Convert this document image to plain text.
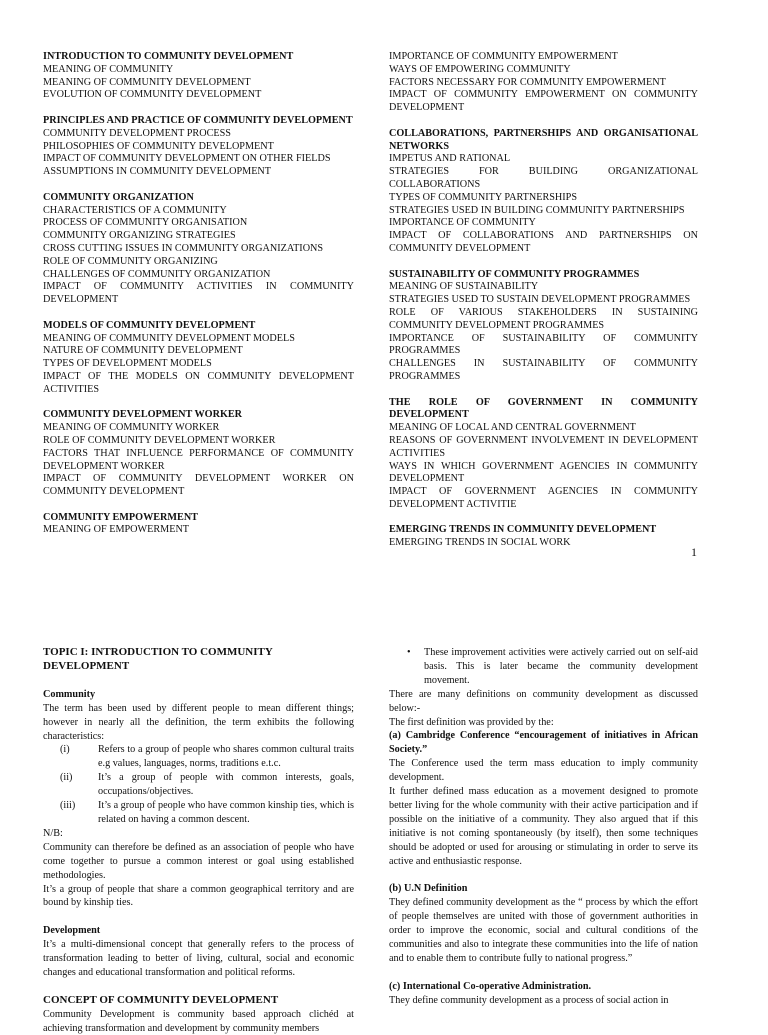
INTRODUCTION TO COMMUNITY DEVELOPMENT
MEANING OF COMMUNITY
MEANING OF COMMUNITY DEVELOPMENT
EVOLUTION OF COMMUNITY DEVELOPMENT
PRINCIPLES AND PRACTICE OF COMMUNITY DEVELOPMENT
COMMUNITY DEVELOPMENT PROCESS
PHILOSOPHIES OF COMMUNITY DEVELOPMENT
IMPACT OF COMMUNITY DEVELOPMENT ON OTHER FIELDS
ASSUMPTIONS IN COMMUNITY DEVELOPMENT
COMMUNITY ORGANIZATION
CHARACTERISTICS OF A COMMUNITY
PROCESS OF COMMUNITY ORGANISATION
COMMUNITY ORGANIZING STRATEGIES
CROSS CUTTING ISSUES IN COMMUNITY ORGANIZATIONS
ROLE OF COMMUNITY ORGANIZING
CHALLENGES OF COMMUNITY ORGANIZATION
IMPACT OF COMMUNITY ACTIVITIES IN COMMUNITY DEVELOPMENT
MODELS OF COMMUNITY DEVELOPMENT
MEANING OF COMMUNITY DEVELOPMENT MODELS
NATURE OF COMMUNITY DEVELOPMENT
TYPES OF DEVELOPMENT MODELS
IMPACT OF THE MODELS ON COMMUNITY DEVELOPMENT ACTIVITIES
COMMUNITY DEVELOPMENT WORKER
MEANING OF COMMUNITY WORKER
ROLE OF COMMUNITY DEVELOPMENT WORKER
FACTORS THAT INFLUENCE PERFORMANCE OF COMMUNITY DEVELOPMENT WORKER
IMPACT OF COMMUNITY DEVELOPMENT WORKER ON COMMUNITY DEVELOPMENT
COMMUNITY EMPOWERMENT
MEANING OF EMPOWERMENT
IMPORTANCE OF COMMUNITY EMPOWERMENT
WAYS OF EMPOWERING COMMUNITY
FACTORS NECESSARY FOR COMMUNITY EMPOWERMENT
IMPACT OF COMMUNITY EMPOWERMENT ON COMMUNITY DEVELOPMENT
COLLABORATIONS, PARTNERSHIPS AND ORGANISATIONAL NETWORKS
IMPETUS AND RATIONAL
STRATEGIES FOR BUILDING ORGANIZATIONAL COLLABORATIONS
TYPES OF COMMUNITY PARTNERSHIPS
STRATEGIES USED IN BUILDING COMMUNITY PARTNERSHIPS
IMPORTANCE OF COMMUNITY
IMPACT OF COLLABORATIONS AND PARTNERSHIPS ON COMMUNITY DEVELOPMENT
SUSTAINABILITY OF COMMUNITY PROGRAMMES
MEANING OF SUSTAINABILITY
STRATEGIES USED TO SUSTAIN DEVELOPMENT PROGRAMMES
ROLE OF VARIOUS STAKEHOLDERS IN SUSTAINING COMMUNITY DEVELOPMENT PROGRAMMES
IMPORTANCE OF SUSTAINABILITY OF COMMUNITY PROGRAMMES
CHALLENGES IN SUSTAINABILITY OF COMMUNITY PROGRAMMES
THE ROLE OF GOVERNMENT IN COMMUNITY DEVELOPMENT
MEANING OF LOCAL AND CENTRAL GOVERNMENT
REASONS OF GOVERNMENT INVOLVEMENT IN DEVELOPMENT ACTIVITIES
WAYS IN WHICH GOVERNMENT AGENCIES IN COMMUNITY DEVELOPMENT
IMPACT OF GOVERNMENT AGENCIES IN COMMUNITY DEVELOPMENT ACTIVITIE
EMERGING TRENDS IN COMMUNITY DEVELOPMENT
EMERGING TRENDS IN SOCIAL WORK
1

TOPIC I: INTRODUCTION TO COMMUNITY DEVELOPMENT

Community

The term has been used by different people to mean different things; however in nearly all the definition, the term exhibits the following characteristics:

(i)	Refers to a group of people who shares common cultural traits e.g values, languages, norms, traditions e.t.c.
(ii)	It’s a group of people with common interests, goals, occupations/objectives.
(iii)	It’s a group of people who have common kinship ties, which is related on having a common descent.

N/B:

Community can therefore be defined as an association of people who have come together to pursue a common interest or goal using established methodologies.

It’s a group of people that share a common geographical territory and are bound by kinship ties.

Development

It’s a multi-dimensional concept that generally refers to the process of transformation leading to better of living, cultural, social and economic changes and educational transformation and political reforms.

CONCEPT OF COMMUNITY DEVELOPMENT

Community Development is community based approach clichéd at achieving transformation and development by community members

•	These improvement activities were actively carried out on self-aid basis. This is later became the community development movement.

There are many definitions on community development as discussed below:-

The first definition was provided by the:

(a) Cambridge Conference “encouragement of initiatives in African Society.”

The Conference used the term mass education to imply community development.

It further defined mass education as a movement designed to promote better living for the whole community with their active participation and if possible on the initiative of a community. They also argued that if this initiative is not coming spontaneously (by itself), then some techniques should be adopted or used for arousing or stimulating in order to serve its active and enthusiastic response.

(b) U.N Definition

They defined community development as the “ process by which the effort of people themselves are united with those of government authorities in order to improve the economic, social and cultural conditions of the communities and also to integrate these communities into the life of nation and to enable them to contribute fully to national progress.”

(c) International Co-operative Administration.

They define community development as a process of social action in
